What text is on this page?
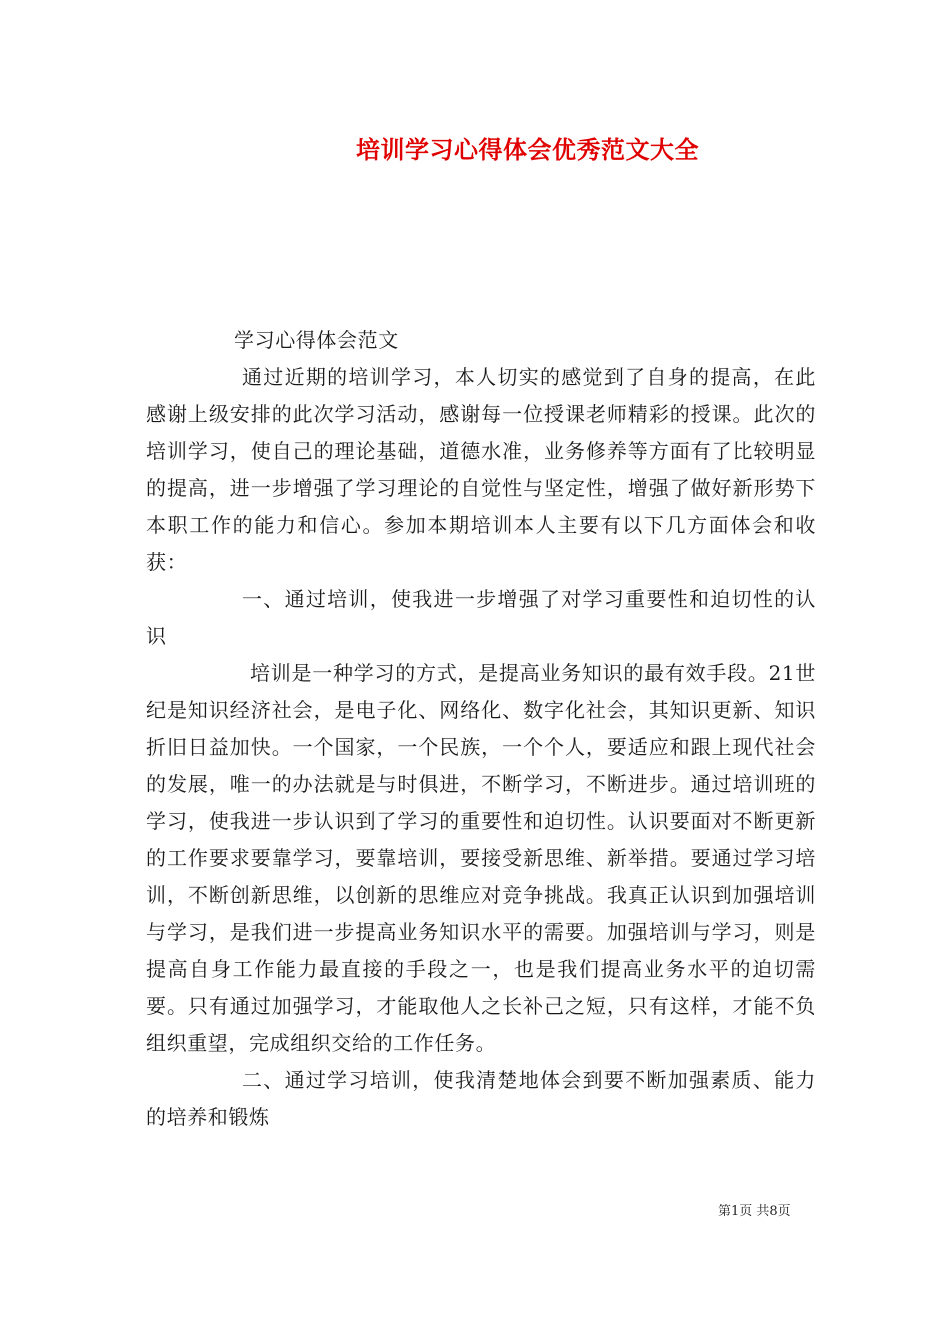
培训学习心得体会优秀范文大全

学习心得体会范文

通过近期的培训学习，本人切实的感觉到了自身的提高，在此感谢上级安排的此次学习活动，感谢每一位授课老师精彩的授课。此次的培训学习，使自己的理论基础，道德水准，业务修养等方面有了比较明显的提高，进一步增强了学习理论的自觉性与坚定性，增强了做好新形势下本职工作的能力和信心。参加本期培训本人主要有以下几方面体会和收获：

一、通过培训，使我进一步增强了对学习重要性和迫切性的认识

培训是一种学习的方式，是提高业务知识的最有效手段。21世纪是知识经济社会，是电子化、网络化、数字化社会，其知识更新、知识折旧日益加快。一个国家，一个民族，一个个人，要适应和跟上现代社会的发展，唯一的办法就是与时俱进，不断学习，不断进步。通过培训班的学习，使我进一步认识到了学习的重要性和迫切性。认识要面对不断更新的工作要求要靠学习，要靠培训，要接受新思维、新举措。要通过学习培训，不断创新思维，以创新的思维应对竞争挑战。我真正认识到加强培训与学习，是我们进一步提高业务知识水平的需要。加强培训与学习，则是提高自身工作能力最直接的手段之一，也是我们提高业务水平的迫切需要。只有通过加强学习，才能取他人之长补己之短，只有这样，才能不负组织重望，完成组织交给的工作任务。

二、通过学习培训，使我清楚地体会到要不断加强素质、能力的培养和锻炼

第1页 共8页
